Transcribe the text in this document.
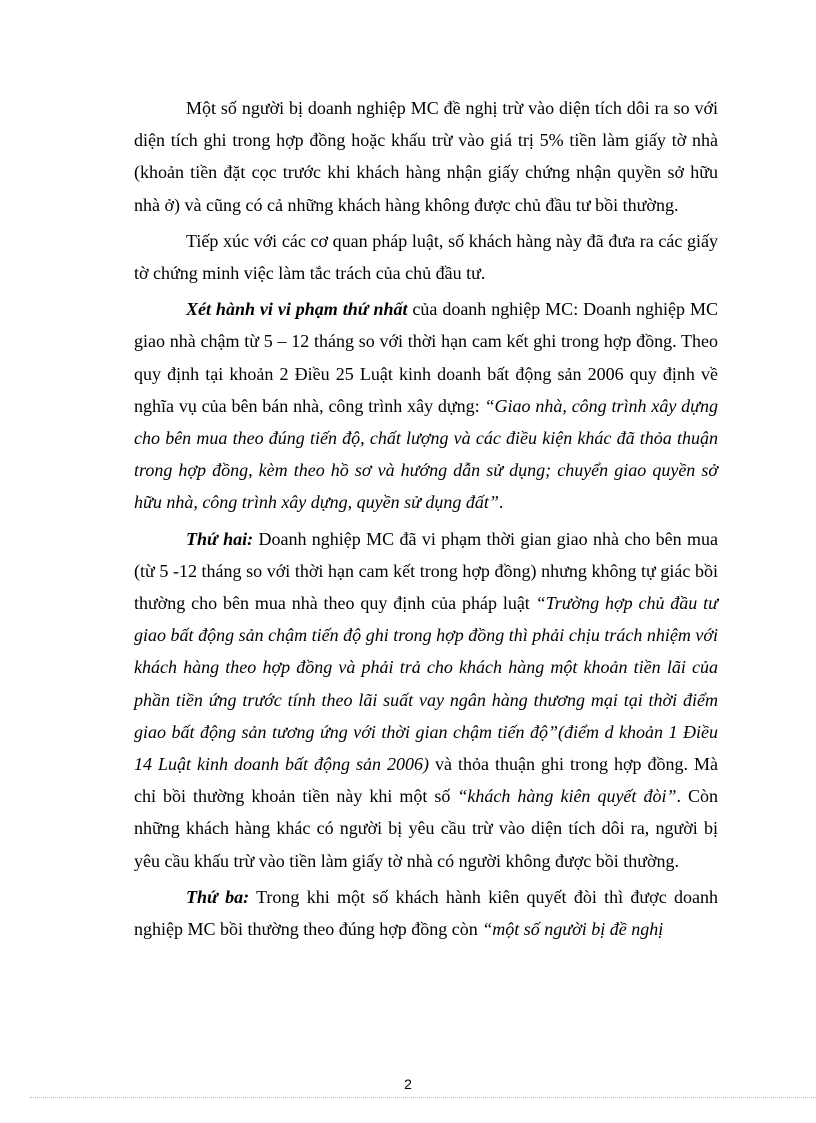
Một số người bị doanh nghiệp MC đề nghị trừ vào diện tích dôi ra so với diện tích ghi trong hợp đồng hoặc khấu trừ vào giá trị 5% tiền làm giấy tờ nhà (khoản tiền đặt cọc trước khi khách hàng nhận giấy chứng nhận quyền sở hữu nhà ở) và cũng có cả những khách hàng không được chủ đầu tư bồi thường.

Tiếp xúc với các cơ quan pháp luật, số khách hàng này đã đưa ra các giấy tờ chứng minh việc làm tắc trách của chủ đầu tư.

Xét hành vi vi phạm thứ nhất của doanh nghiệp MC: Doanh nghiệp MC giao nhà chậm từ 5 – 12 tháng so với thời hạn cam kết ghi trong hợp đồng. Theo quy định tại khoản 2 Điều 25 Luật kinh doanh bất động sản 2006 quy định về nghĩa vụ của bên bán nhà, công trình xây dựng: “Giao nhà, công trình xây dựng cho bên mua theo đúng tiến độ, chất lượng và các điều kiện khác đã thỏa thuận trong hợp đồng, kèm theo hồ sơ và hướng dẫn sử dụng; chuyển giao quyền sở hữu nhà, công trình xây dựng, quyền sử dụng đất”.

Thứ hai: Doanh nghiệp MC đã vi phạm thời gian giao nhà cho bên mua (từ 5 -12 tháng so với thời hạn cam kết trong hợp đồng) nhưng không tự giác bồi thường cho bên mua nhà theo quy định của pháp luật “Trường hợp chủ đầu tư giao bất động sản chậm tiến độ ghi trong hợp đồng thì phải chịu trách nhiệm với khách hàng theo hợp đồng và phải trả cho khách hàng một khoản tiền lãi của phần tiền ứng trước tính theo lãi suất vay ngân hàng thương mại tại thời điểm giao bất động sản tương ứng với thời gian chậm tiến độ”(điểm d khoản 1 Điều 14 Luật kinh doanh bất động sản 2006) và thỏa thuận ghi trong hợp đồng. Mà chỉ bồi thường khoản tiền này khi một số “khách hàng kiên quyết đòi”. Còn những khách hàng khác có người bị yêu cầu trừ vào diện tích dôi ra, người bị yêu cầu khấu trừ vào tiền làm giấy tờ nhà có người không được bồi thường.

Thứ ba: Trong khi một số khách hành kiên quyết đòi thì được doanh nghiệp MC bồi thường theo đúng hợp đồng còn “một số người bị đề nghị

2
